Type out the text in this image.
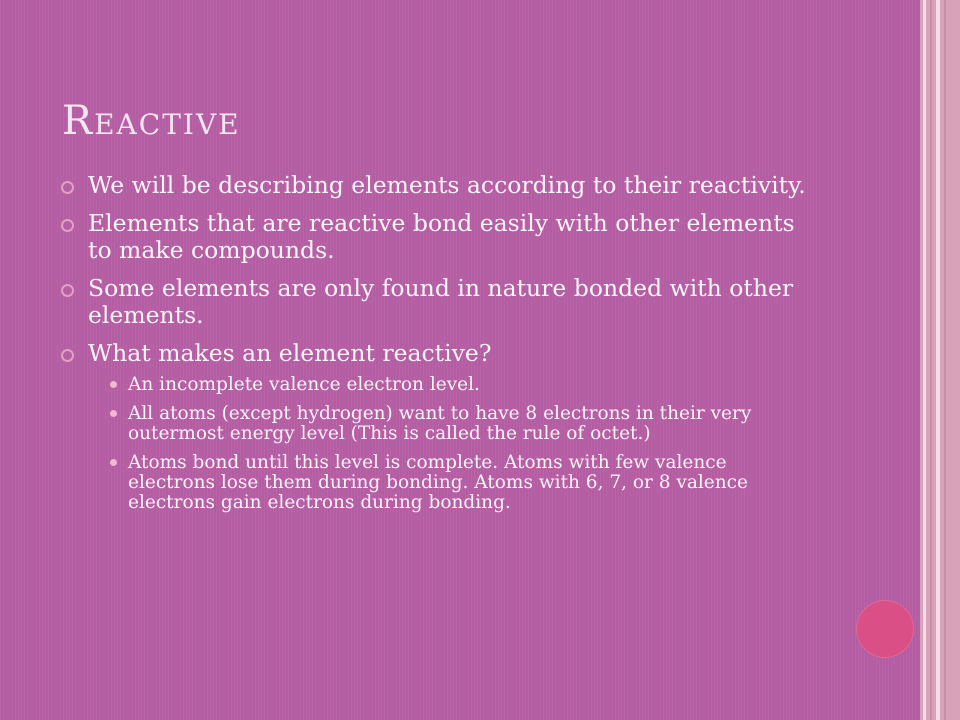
Reactive
We will be describing elements according to their reactivity.
Elements that are reactive bond easily with other elements to make compounds.
Some elements are only found in nature bonded with other elements.
What makes an element reactive?
An incomplete valence electron level.
All atoms (except hydrogen) want to have 8 electrons in their very outermost energy level (This is called the rule of octet.)
Atoms bond until this level is complete. Atoms with few valence electrons lose them during bonding. Atoms with 6, 7, or 8 valence electrons gain electrons during bonding.
